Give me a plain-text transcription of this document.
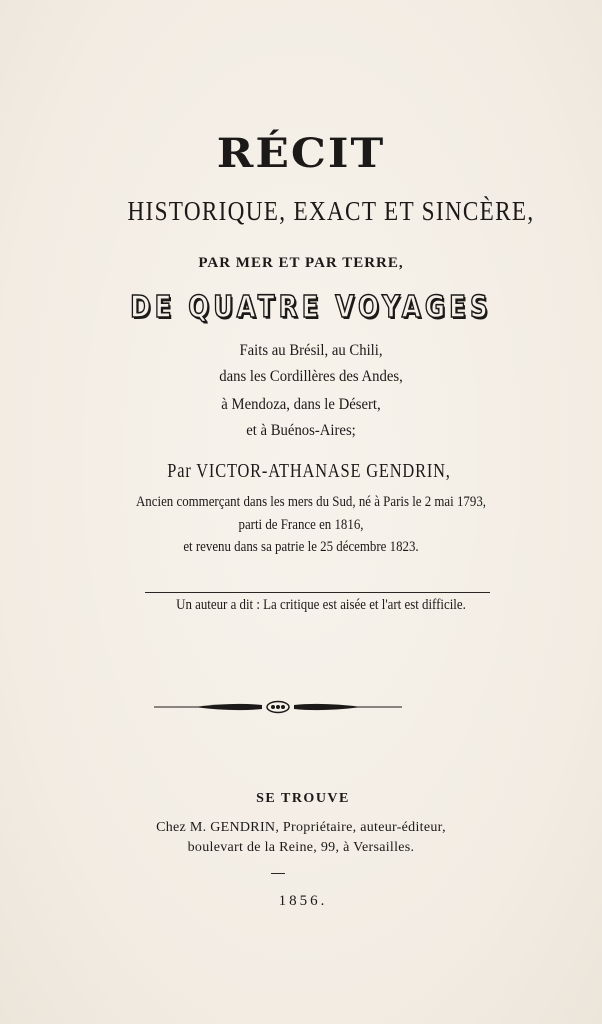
RÉCIT
HISTORIQUE, EXACT ET SINCÈRE,
PAR MER ET PAR TERRE,
DE QUATRE VOYAGES
Faits au Brésil, au Chili,
dans les Cordillères des Andes,
à Mendoza, dans le Désert,
et à Buénos-Aires;
Par VICTOR-ATHANASE GENDRIN,
Ancien commerçant dans les mers du Sud, né à Paris le 2 mai 1793,
parti de France en 1816,
et revenu dans sa patrie le 25 décembre 1823.
Un auteur a dit : La critique est aisée et l'art est difficile.
SE TROUVE
Chez M. GENDRIN, Propriétaire, auteur-éditeur,
boulevart de la Reine, 99, à Versailles.
1856.
